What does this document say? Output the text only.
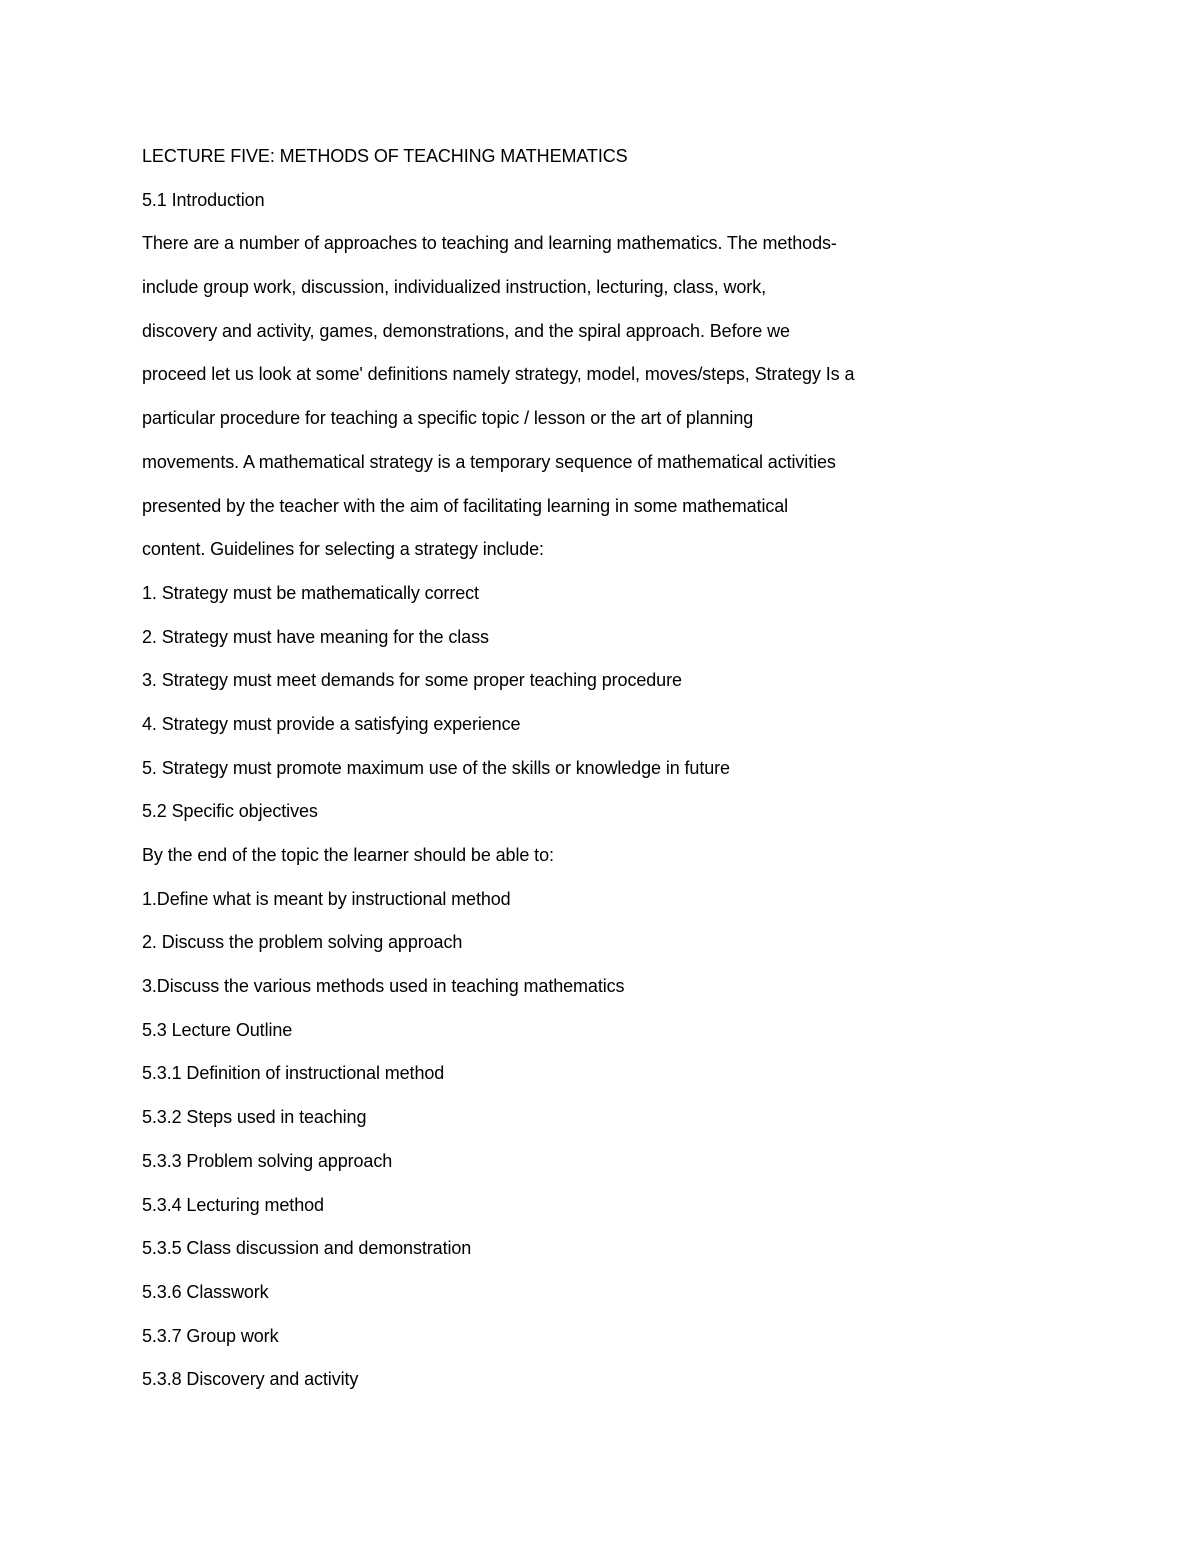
LECTURE FIVE: METHODS OF TEACHING MATHEMATICS
5.1 Introduction
There are a number of approaches to teaching and learning mathematics. The methods-
include group work, discussion, individualized instruction, lecturing, class, work,
discovery and activity, games, demonstrations, and the spiral approach. Before we
proceed let us look at some' definitions namely strategy, model, moves/steps, Strategy Is a
particular procedure for teaching a specific topic / lesson or the art of planning
movements. A mathematical strategy is a temporary sequence of mathematical activities
presented by the teacher with the aim of facilitating learning in some mathematical
content. Guidelines for selecting a strategy include:
1. Strategy must be mathematically correct
2. Strategy must have meaning for the class
3. Strategy must meet demands for some proper teaching procedure
4. Strategy must provide a satisfying experience
5. Strategy must promote maximum use of the skills or knowledge in future
5.2 Specific objectives
By the end of the topic the learner should be able to:
1.Define what is meant by instructional method
2. Discuss the problem solving approach
3.Discuss the various methods used in teaching mathematics
5.3 Lecture Outline
5.3.1 Definition of instructional method
5.3.2 Steps used in teaching
5.3.3 Problem solving approach
5.3.4 Lecturing method
5.3.5 Class discussion and demonstration
5.3.6 Classwork
5.3.7 Group work
5.3.8 Discovery and activity
